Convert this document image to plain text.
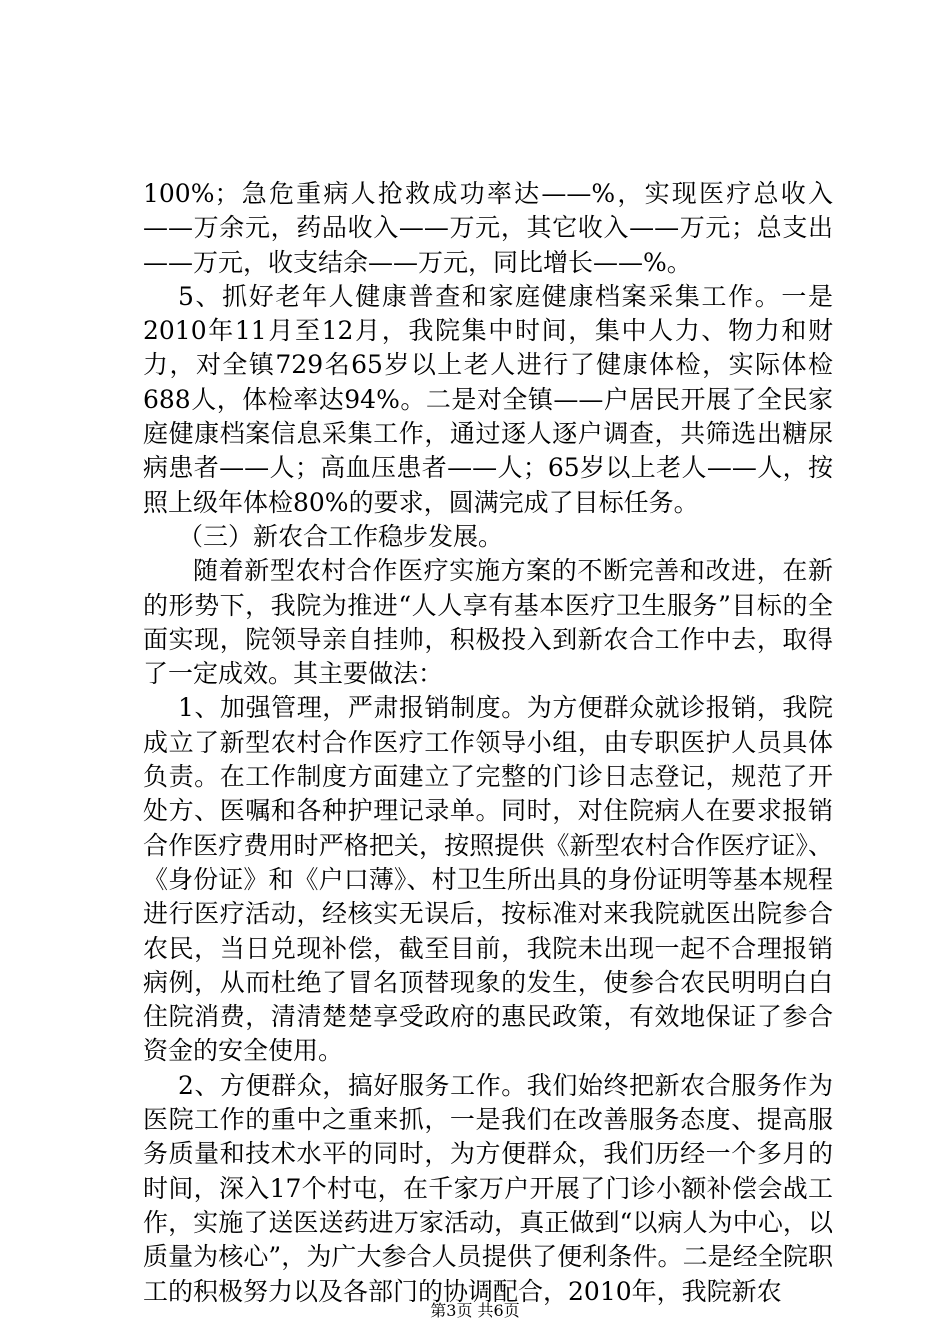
100%；急危重病人抢救成功率达——%，实现医疗总收入——万余元，药品收入——万元，其它收入——万元；总支出——万元，收支结余——万元，同比增长——%。

5、抓好老年人健康普查和家庭健康档案采集工作。一是2010年11月至12月，我院集中时间，集中人力、物力和财力，对全镇729名65岁以上老人进行了健康体检，实际体检688人，体检率达94%。二是对全镇——户居民开展了全民家庭健康档案信息采集工作，通过逐人逐户调查，共筛选出糖尿病患者——人；高血压患者——人；65岁以上老人——人，按照上级年体检80%的要求，圆满完成了目标任务。

（三）新农合工作稳步发展。

随着新型农村合作医疗实施方案的不断完善和改进，在新的形势下，我院为推进“人人享有基本医疗卫生服务”目标的全面实现，院领导亲自挂帅，积极投入到新农合工作中去，取得了一定成效。其主要做法：

1、加强管理，严肃报销制度。为方便群众就诊报销，我院成立了新型农村合作医疗工作领导小组，由专职医护人员具体负责。在工作制度方面建立了完整的门诊日志登记，规范了开处方、医嘱和各种护理记录单。同时，对住院病人在要求报销合作医疗费用时严格把关，按照提供《新型农村合作医疗证》、《身份证》和《户口薄》、村卫生所出具的身份证明等基本规程进行医疗活动，经核实无误后，按标准对来我院就医出院参合农民，当日兑现补偿，截至目前，我院未出现一起不合理报销病例，从而杜绝了冒名顶替现象的发生，使参合农民明明白白住院消费，清清楚楚享受政府的惠民政策，有效地保证了参合资金的安全使用。

2、方便群众，搞好服务工作。我们始终把新农合服务作为医院工作的重中之重来抓，一是我们在改善服务态度、提高服务质量和技术水平的同时，为方便群众，我们历经一个多月的时间，深入17个村屯，在千家万户开展了门诊小额补偿会战工作，实施了送医送药进万家活动，真正做到“以病人为中心，以质量为核心”，为广大参合人员提供了便利条件。二是经全院职工的积极努力以及各部门的协调配合，2010年，我院新农

第3页 共6页
